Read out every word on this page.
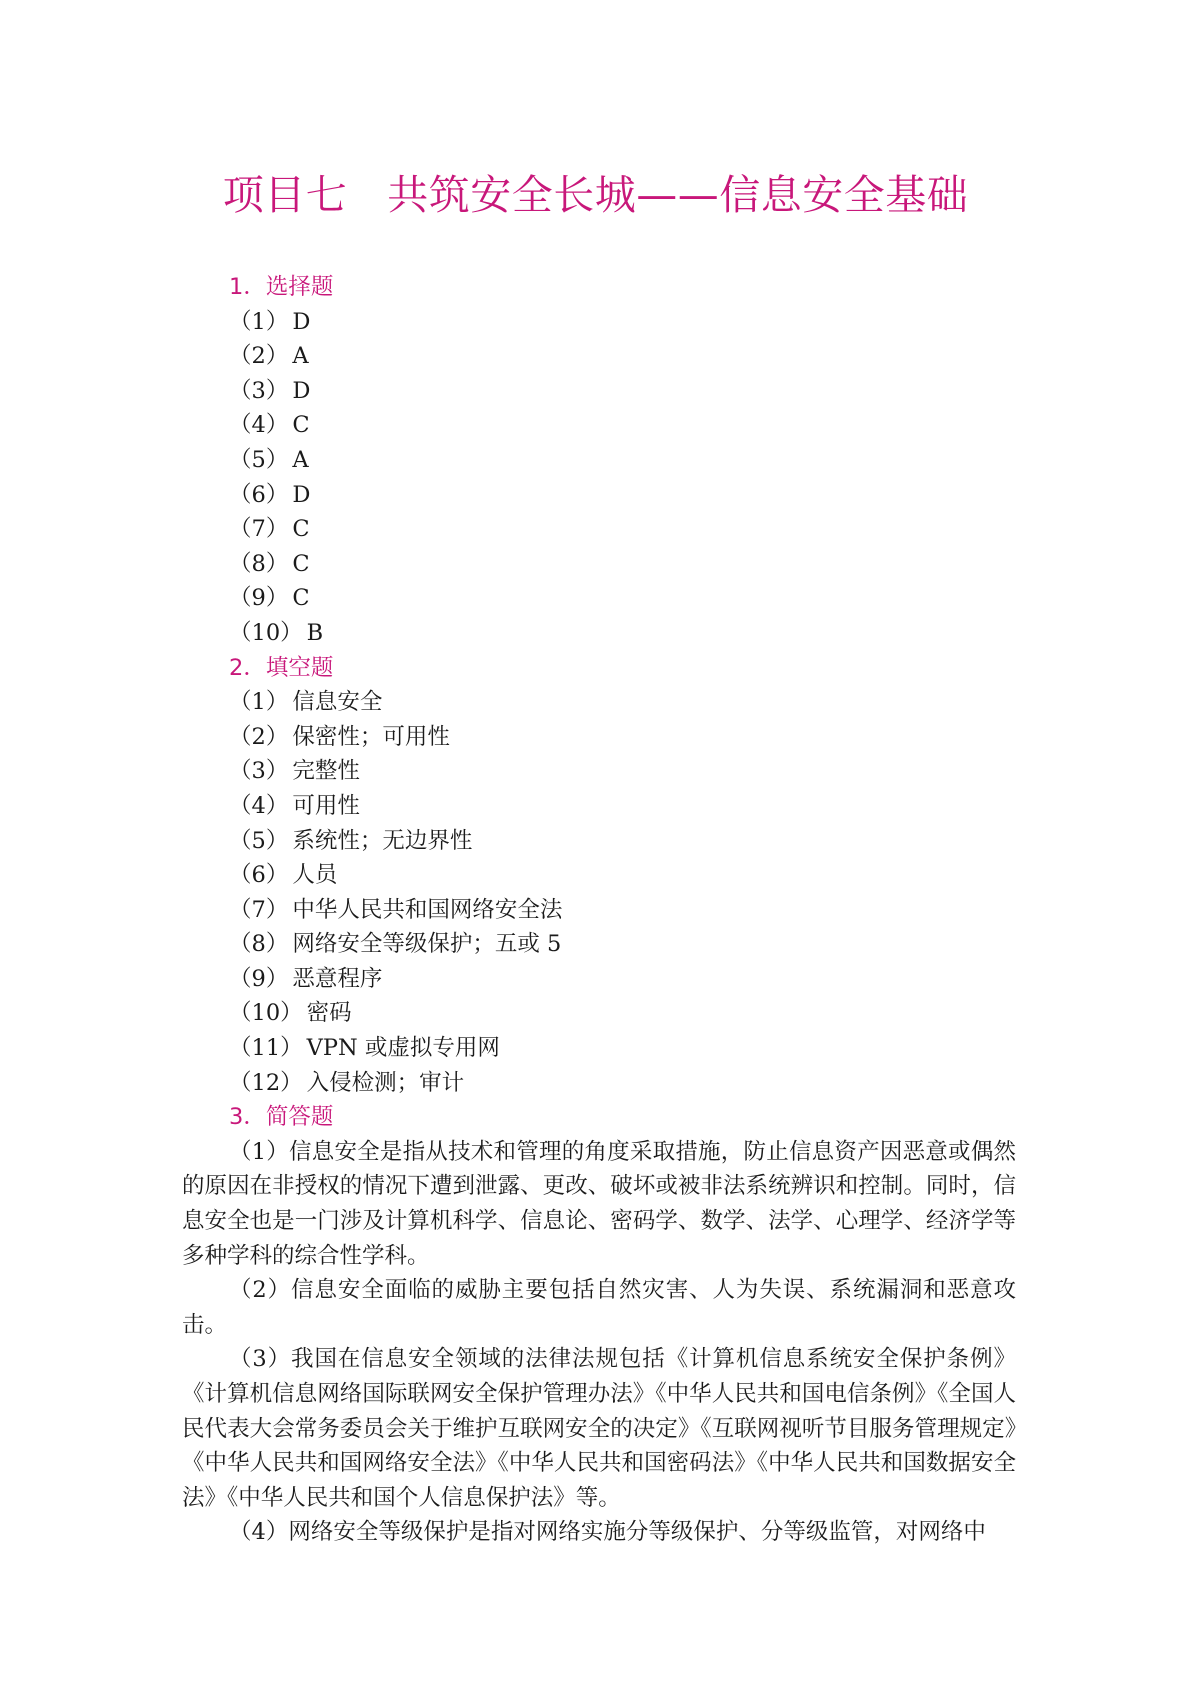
项目七 共筑安全长城——信息安全基础
1．选择题
（1） D
（2） A
（3） D
（4） C
（5） A
（6） D
（7） C
（8） C
（9） C
（10） B
2．填空题
（1） 信息安全
（2） 保密性；可用性
（3） 完整性
（4） 可用性
（5） 系统性；无边界性
（6） 人员
（7） 中华人民共和国网络安全法
（8） 网络安全等级保护；五或 5
（9） 恶意程序
（10） 密码
（11） VPN 或虚拟专用网
（12） 入侵检测；审计
3．简答题

（1）信息安全是指从技术和管理的角度采取措施，防止信息资产因恶意或偶然的原因在非授权的情况下遭到泄露、更改、破坏或被非法系统辨识和控制。同时，信息安全也是一门涉及计算机科学、信息论、密码学、数学、法学、心理学、经济学等多种学科的综合性学科。

（2）信息安全面临的威胁主要包括自然灾害、人为失误、系统漏洞和恶意攻击。

（3）我国在信息安全领域的法律法规包括《计算机信息系统安全保护条例》《计算机信息网络国际联网安全保护管理办法》《中华人民共和国电信条例》《全国人民代表大会常务委员会关于维护互联网安全的决定》《互联网视听节目服务管理规定》《中华人民共和国网络安全法》《中华人民共和国密码法》《中华人民共和国数据安全法》《中华人民共和国个人信息保护法》等。

（4）网络安全等级保护是指对网络实施分等级保护、分等级监管，对网络中
